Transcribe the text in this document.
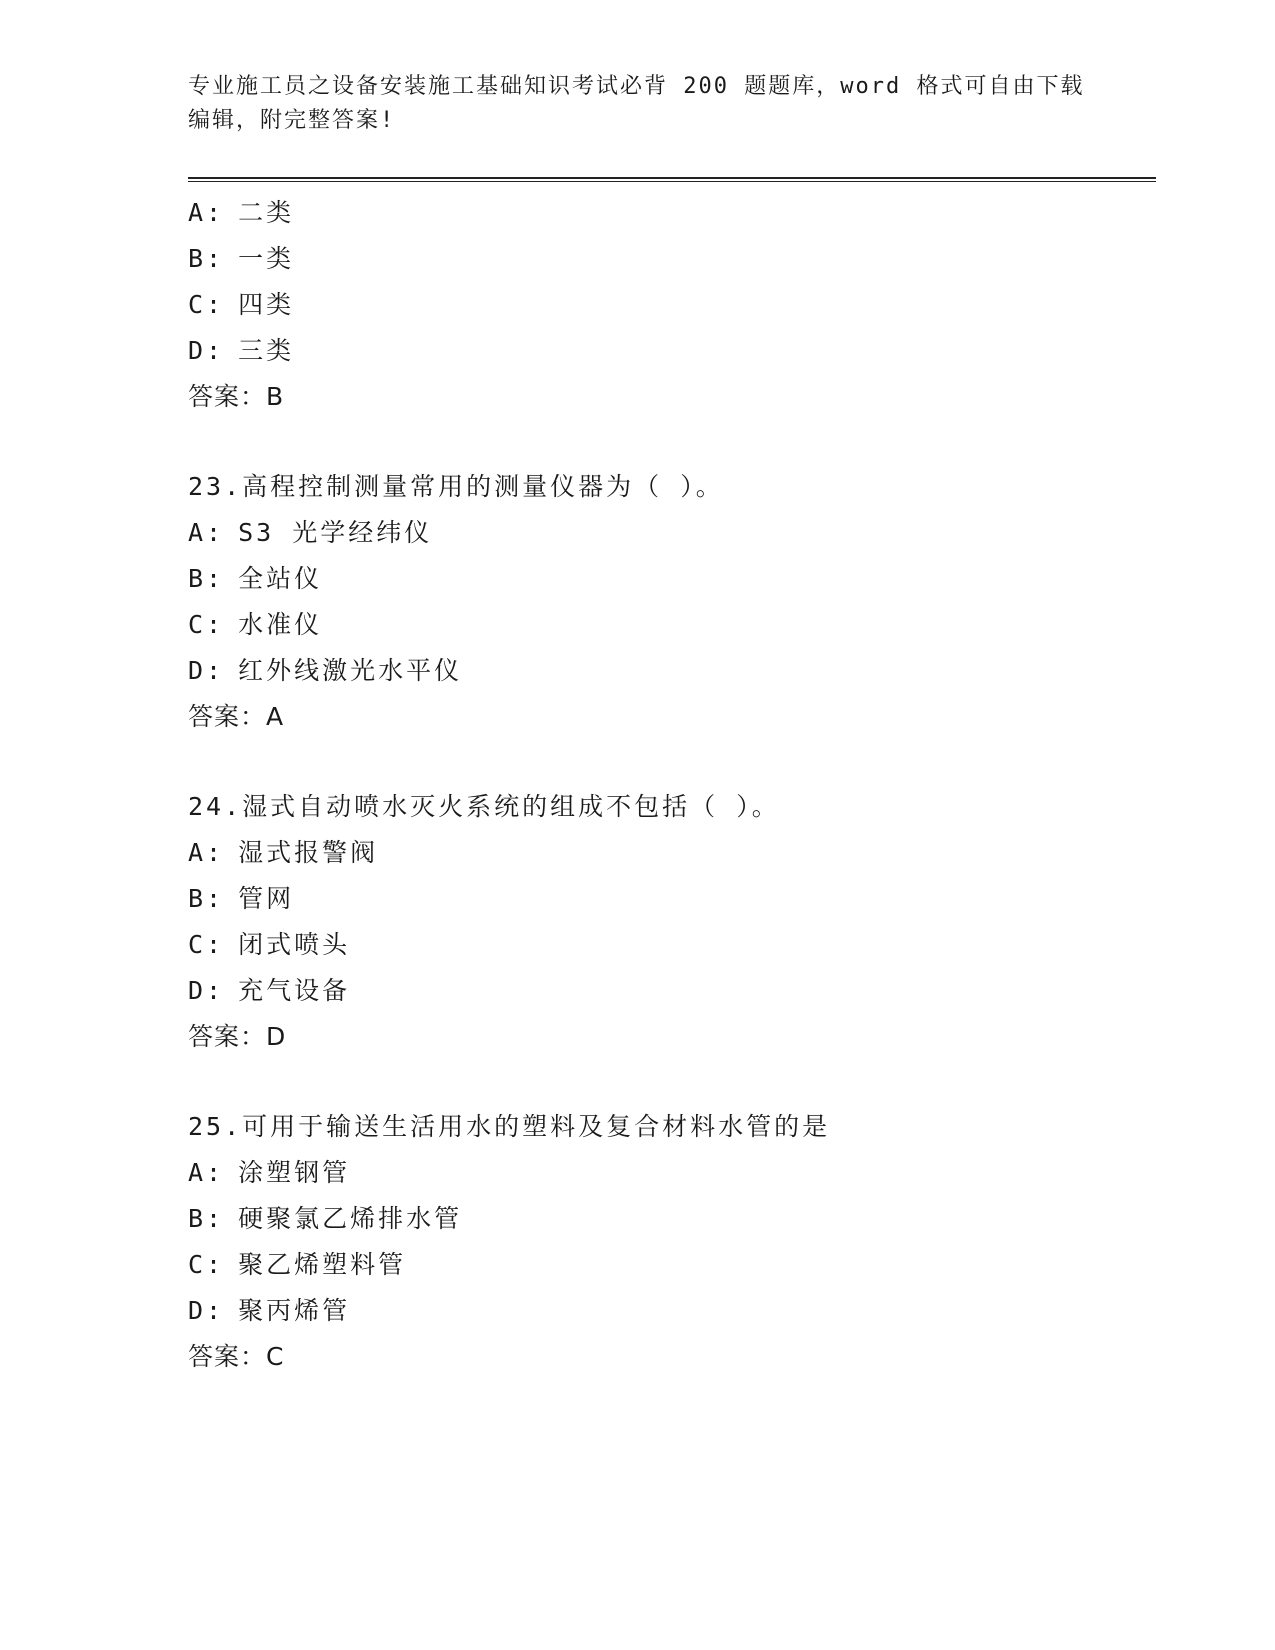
专业施工员之设备安装施工基础知识考试必背 200 题题库，word 格式可自由下载
编辑，附完整答案!
A: 二类
B: 一类
C: 四类
D: 三类
答案：B
23.高程控制测量常用的测量仪器为（ ）。
A: S3 光学经纬仪
B: 全站仪
C: 水准仪
D: 红外线激光水平仪
答案：A
24.湿式自动喷水灭火系统的组成不包括（ ）。
A: 湿式报警阀
B: 管网
C: 闭式喷头
D: 充气设备
答案：D
25.可用于输送生活用水的塑料及复合材料水管的是
A: 涂塑钢管
B: 硬聚氯乙烯排水管
C: 聚乙烯塑料管
D: 聚丙烯管
答案：C
